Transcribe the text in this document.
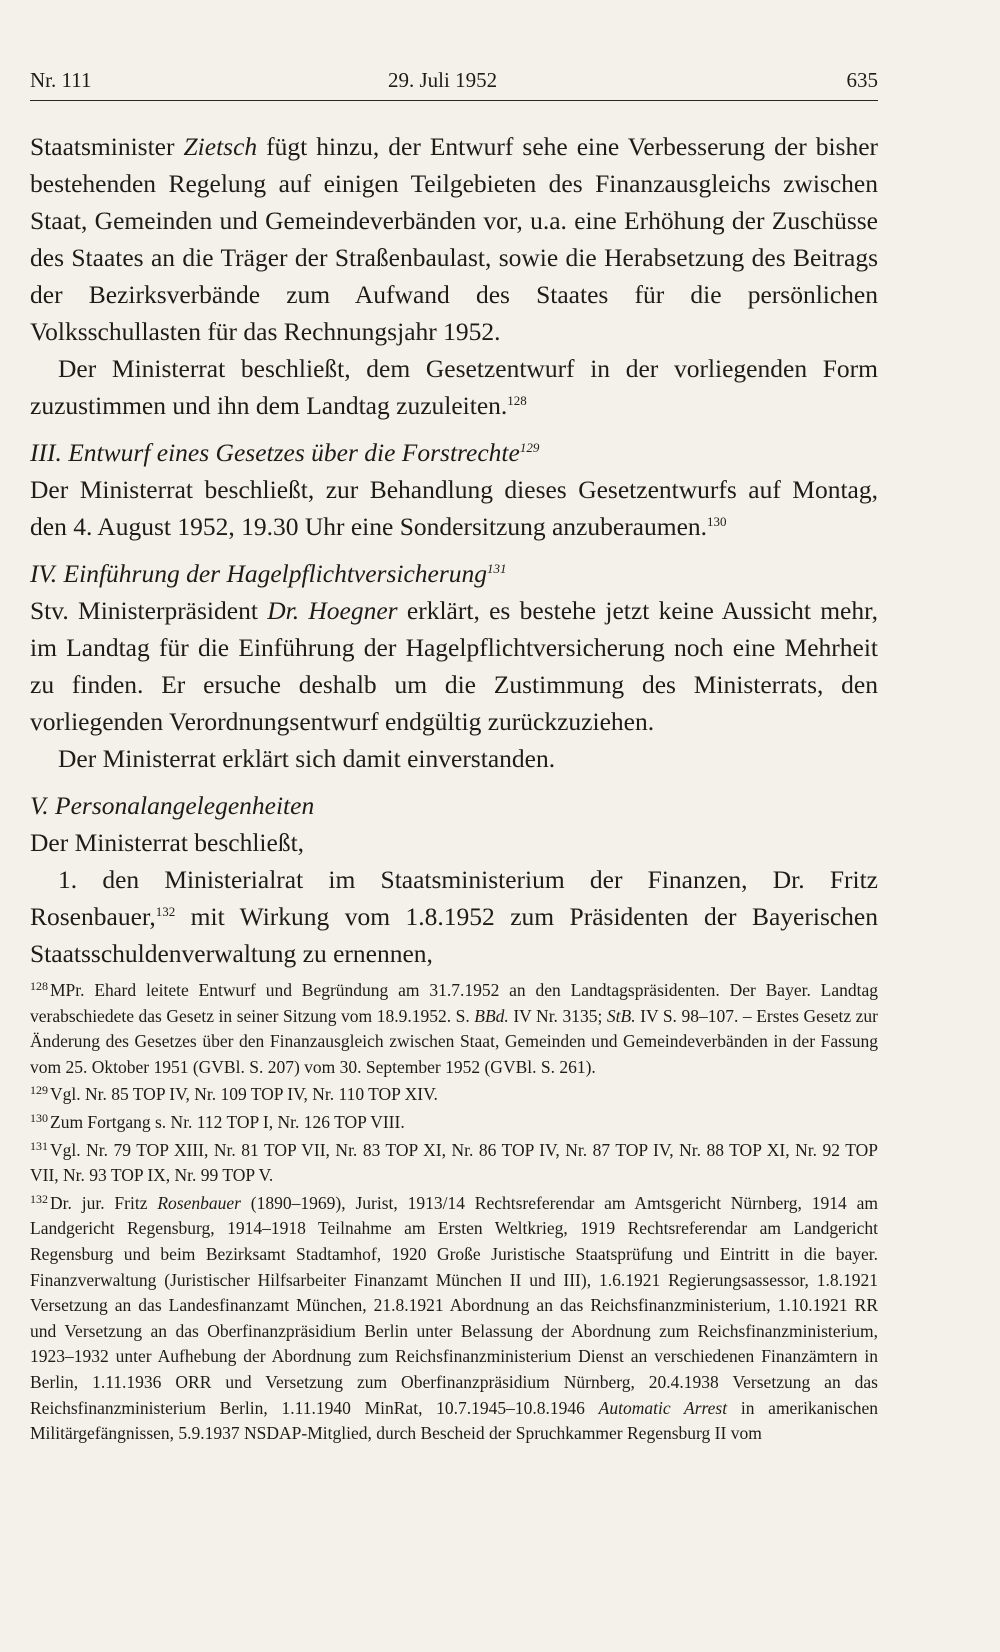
Nr. 111	29. Juli 1952	635

Staatsminister Zietsch fügt hinzu, der Entwurf sehe eine Verbesserung der bisher bestehenden Regelung auf einigen Teilgebieten des Finanzausgleichs zwischen Staat, Gemeinden und Gemeindeverbänden vor, u.a. eine Erhöhung der Zuschüsse des Staates an die Träger der Straßenbaulast, sowie die Herabsetzung des Beitrags der Bezirksverbände zum Aufwand des Staates für die persönlichen Volksschullasten für das Rechnungsjahr 1952.

Der Ministerrat beschließt, dem Gesetzentwurf in der vorliegenden Form zuzustimmen und ihn dem Landtag zuzuleiten.$^{128}$

III. Entwurf eines Gesetzes über die Forstrechte$^{129}$

Der Ministerrat beschließt, zur Behandlung dieses Gesetzentwurfs auf Montag, den 4. August 1952, 19.30 Uhr eine Sondersitzung anzuberaumen.$^{130}$

IV. Einführung der Hagelpflichtversicherung$^{131}$

Stv. Ministerpräsident Dr. Hoegner erklärt, es bestehe jetzt keine Aussicht mehr, im Landtag für die Einführung der Hagelpflichtversicherung noch eine Mehrheit zu finden. Er ersuche deshalb um die Zustimmung des Ministerrats, den vorliegenden Verordnungsentwurf endgültig zurückzuziehen.

Der Ministerrat erklärt sich damit einverstanden.

V. Personalangelegenheiten

Der Ministerrat beschließt,

1. den Ministerialrat im Staatsministerium der Finanzen, Dr. Fritz Rosenbauer,$^{132}$ mit Wirkung vom 1.8.1952 zum Präsidenten der Bayerischen Staatsschuldenverwaltung zu ernennen,

$^{128}$ MPr. Ehard leitete Entwurf und Begründung am 31.7.1952 an den Landtagspräsidenten. Der Bayer. Landtag verabschiedete das Gesetz in seiner Sitzung vom 18.9.1952. S. BBd. IV Nr. 3135; StB. IV S. 98–107. – Erstes Gesetz zur Änderung des Gesetzes über den Finanzausgleich zwischen Staat, Gemeinden und Gemeindeverbänden in der Fassung vom 25. Oktober 1951 (GVBl. S. 207) vom 30. September 1952 (GVBl. S. 261).

$^{129}$ Vgl. Nr. 85 TOP IV, Nr. 109 TOP IV, Nr. 110 TOP XIV.

$^{130}$ Zum Fortgang s. Nr. 112 TOP I, Nr. 126 TOP VIII.

$^{131}$ Vgl. Nr. 79 TOP XIII, Nr. 81 TOP VII, Nr. 83 TOP XI, Nr. 86 TOP IV, Nr. 87 TOP IV, Nr. 88 TOP XI, Nr. 92 TOP VII, Nr. 93 TOP IX, Nr. 99 TOP V.

$^{132}$ Dr. jur. Fritz Rosenbauer (1890–1969), Jurist, 1913/14 Rechtsreferendar am Amtsgericht Nürnberg, 1914 am Landgericht Regensburg, 1914–1918 Teilnahme am Ersten Weltkrieg, 1919 Rechtsreferendar am Landgericht Regensburg und beim Bezirksamt Stadtamhof, 1920 Große Juristische Staatsprüfung und Eintritt in die bayer. Finanzverwaltung (Juristischer Hilfsarbeiter Finanzamt München II und III), 1.6.1921 Regierungsassessor, 1.8.1921 Versetzung an das Landesfinanzamt München, 21.8.1921 Abordnung an das Reichsfinanzministerium, 1.10.1921 RR und Versetzung an das Oberfinanzpräsidium Berlin unter Belassung der Abordnung zum Reichsfinanzministerium, 1923–1932 unter Aufhebung der Abordnung zum Reichsfinanzministerium Dienst an verschiedenen Finanzämtern in Berlin, 1.11.1936 ORR und Versetzung zum Oberfinanzpräsidium Nürnberg, 20.4.1938 Versetzung an das Reichsfinanzministerium Berlin, 1.11.1940 MinRat, 10.7.1945–10.8.1946 Automatic Arrest in amerikanischen Militärgefängnissen, 5.9.1937 NSDAP-Mitglied, durch Bescheid der Spruchkammer Regensburg II vom
